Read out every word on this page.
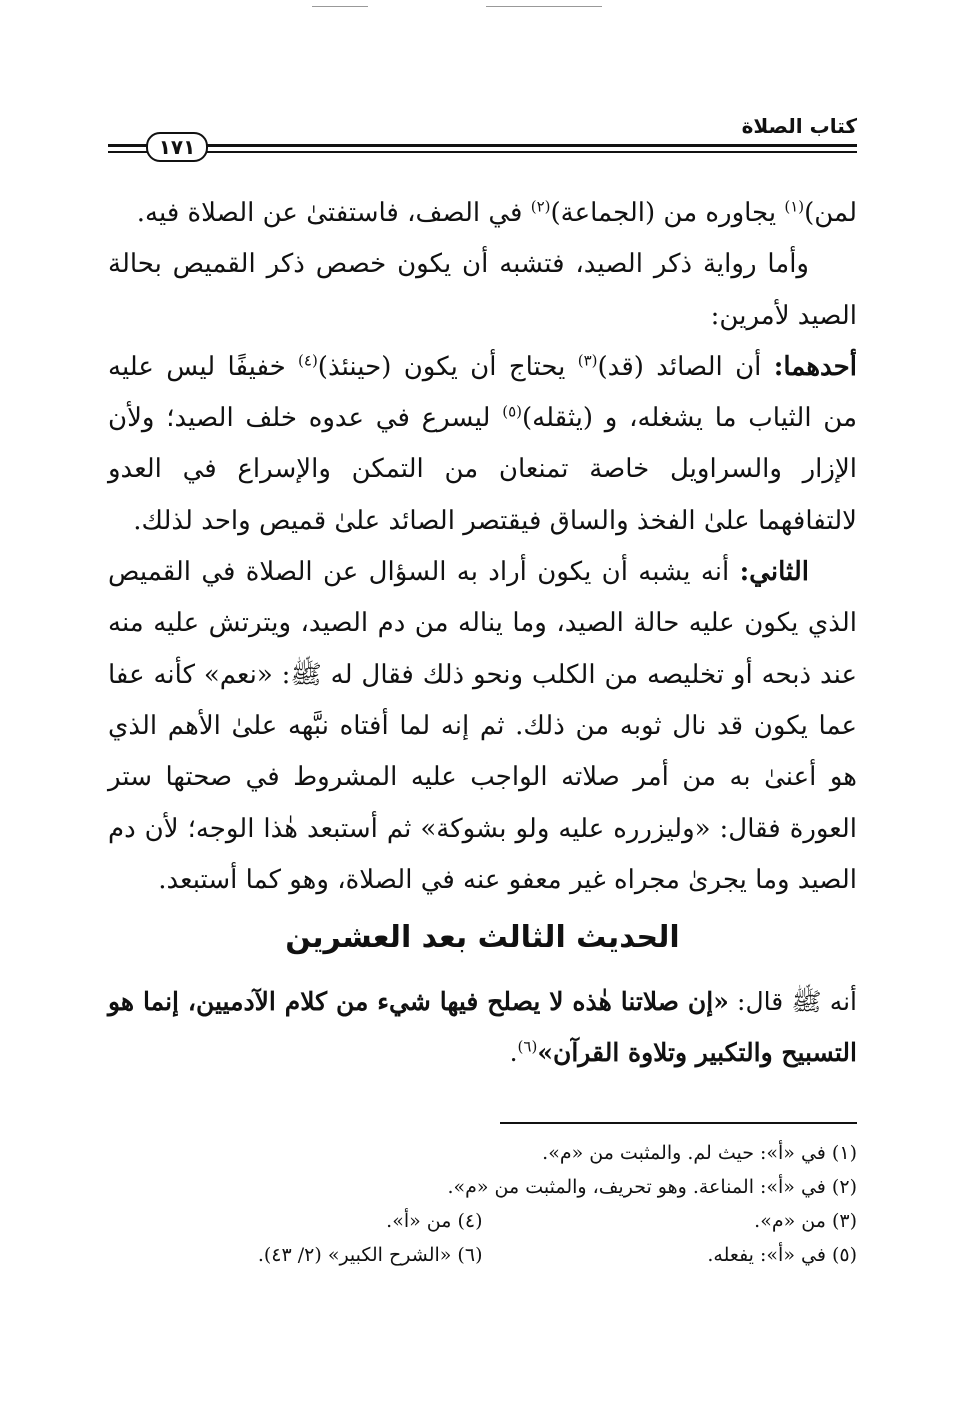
كتاب الصلاة
١٧١

لمن)$^{(١)}$ يجاوره من (الجماعة)$^{(٢)}$ في الصف، فاستفتىٰ عن الصلاة فيه.

وأما رواية ذكر الصيد، فتشبه أن يكون خصص ذكر القميص بحالة الصيد لأمرين:

أحدهما: أن الصائد (قد)$^{(٣)}$ يحتاج أن يكون (حينئذ)$^{(٤)}$ خفيفًا ليس عليه من الثياب ما يشغله، و (يثقله)$^{(٥)}$ ليسرع في عدوه خلف الصيد؛ ولأن الإزار والسراويل خاصة تمنعان من التمكن والإسراع في العدو لالتفافهما علىٰ الفخذ والساق فيقتصر الصائد علىٰ قميص واحد لذلك.

الثاني: أنه يشبه أن يكون أراد به السؤال عن الصلاة في القميص الذي يكون عليه حالة الصيد، وما يناله من دم الصيد، ويترتش عليه منه عند ذبحه أو تخليصه من الكلب ونحو ذلك فقال له ﷺ: «نعم» كأنه عفا عما يكون قد نال ثوبه من ذلك. ثم إنه لما أفتاه نبَّهه علىٰ الأهم الذي هو أعنىٰ به من أمر صلاته الواجب عليه المشروط في صحتها ستر العورة فقال: «وليزرره عليه ولو بشوكة» ثم أستبعد هٰذا الوجه؛ لأن دم الصيد وما يجرىٰ مجراه غير معفو عنه في الصلاة، وهو كما أستبعد.

الحديث الثالث بعد العشرين

أنه ﷺ قال: «إن صلاتنا هٰذه لا يصلح فيها شيء من كلام الآدميين، إنما هو التسبيح والتكبير وتلاوة القرآن»$^{(٦)}$.

(١) في «أ»: حيث لم. والمثبت من «م».
(٢) في «أ»: المناعة. وهو تحريف، والمثبت من «م».
(٣) من «م».
(٤) من «أ».
(٥) في «أ»: يفعله.
(٦) «الشرح الكبير» (٢/ ٤٣).
